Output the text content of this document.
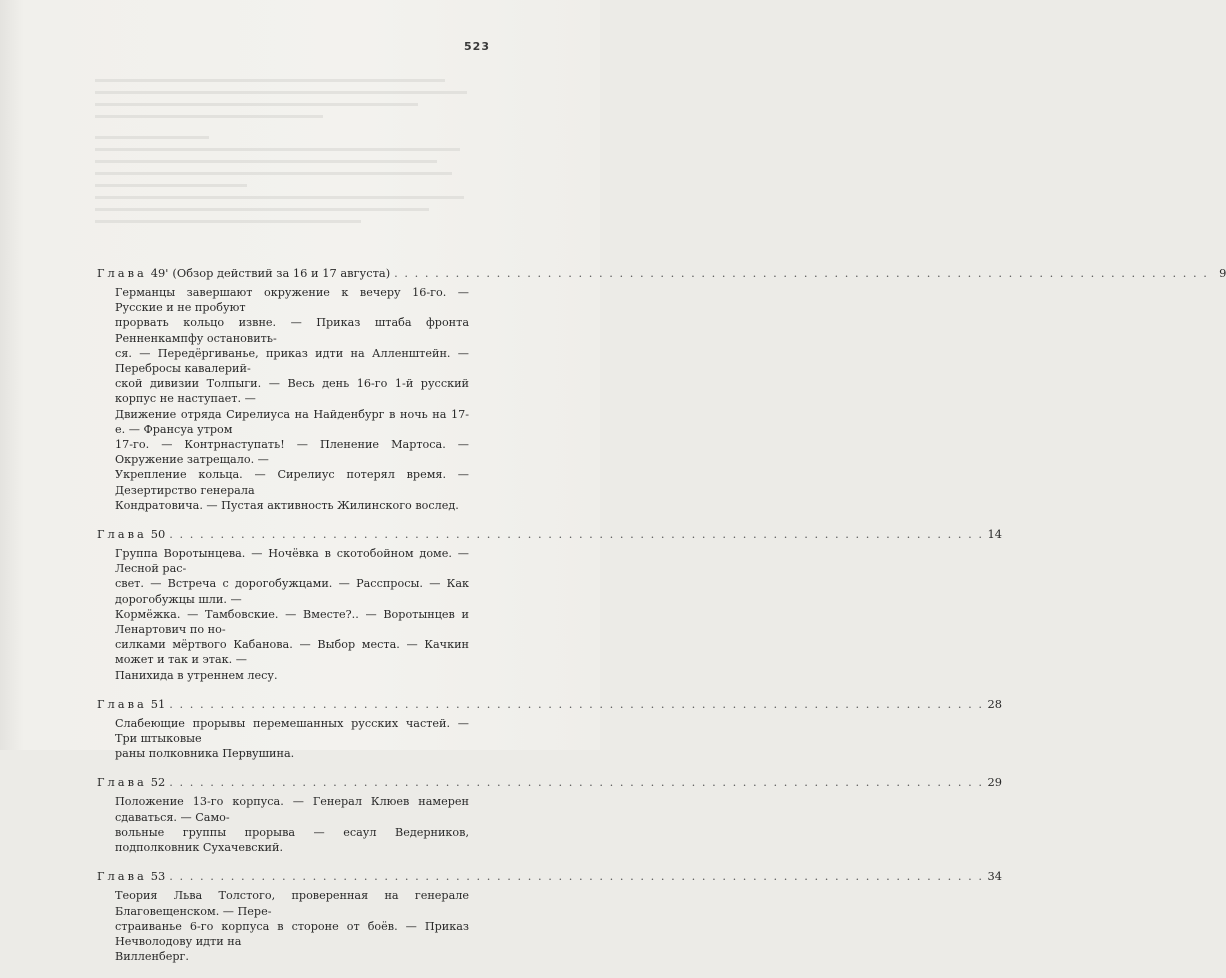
523
Глава 49' (Обзор действий за 16 и 17 августа) . . . . . . . . . . . . . . . . . . . . . . . . . . . . . . . . . . . . . . . . . . . . . . . . . . . . . . . . . . . . . . . . . . . . . . . . . . . . . . . . 9

Германцы завершают окружение к вечеру 16-го. — Русские и не пробуют

прорвать кольцо извне. — Приказ штаба фронта Ренненкампфу остановить-

ся. — Передёргиванье, приказ идти на Алленштейн. — Перебросы кавалерий-

ской дивизии Толпыги. — Весь день 16-го 1-й русский корпус не наступает. —

Движение отряда Сирелиуса на Найденбург в ночь на 17-е. — Франсуа утром

17-го. — Контрнаступать! — Пленение Мартоса. — Окружение затрещало. —

Укрепление кольца. — Сирелиус потерял время. — Дезертирство генерала

Кондратовича. — Пустая активность Жилинского вослед.

Глава 50 . . . . . . . . . . . . . . . . . . . . . . . . . . . . . . . . . . . . . . . . . . . . . . . . . . . . . . . . . . . . . . . . . . . . . . . . . . . . . . . . 14

Группа Воротынцева. — Ночёвка в скотобойном доме. — Лесной рас-

свет. — Встреча с дорогобужцами. — Расспросы. — Как дорогобужцы шли. —

Кормёжка. — Тамбовские. — Вместе?.. — Воротынцев и Ленартович по но-

силками мёртвого Кабанова. — Выбор места. — Качкин может и так и этак. —

Панихида в утреннем лесу.

Глава 51 . . . . . . . . . . . . . . . . . . . . . . . . . . . . . . . . . . . . . . . . . . . . . . . . . . . . . . . . . . . . . . . . . . . . . . . . . . . . . . . . 28

Слабеющие прорывы перемешанных русских частей. — Три штыковые

раны полковника Первушина.

Глава 52 . . . . . . . . . . . . . . . . . . . . . . . . . . . . . . . . . . . . . . . . . . . . . . . . . . . . . . . . . . . . . . . . . . . . . . . . . . . . . . . . 29

Положение 13-го корпуса. — Генерал Клюев намерен сдаваться. — Само-

вольные группы прорыва — есаул Ведерников, подполковник Сухачевский.

Глава 53 . . . . . . . . . . . . . . . . . . . . . . . . . . . . . . . . . . . . . . . . . . . . . . . . . . . . . . . . . . . . . . . . . . . . . . . . . . . . . . . . 34

Теория Льва Толстого, проверенная на генерале Благовещенском. — Пере-

страиванье 6-го корпуса в стороне от боёв. — Приказ Нечволодову идти на

Вилленберг.
